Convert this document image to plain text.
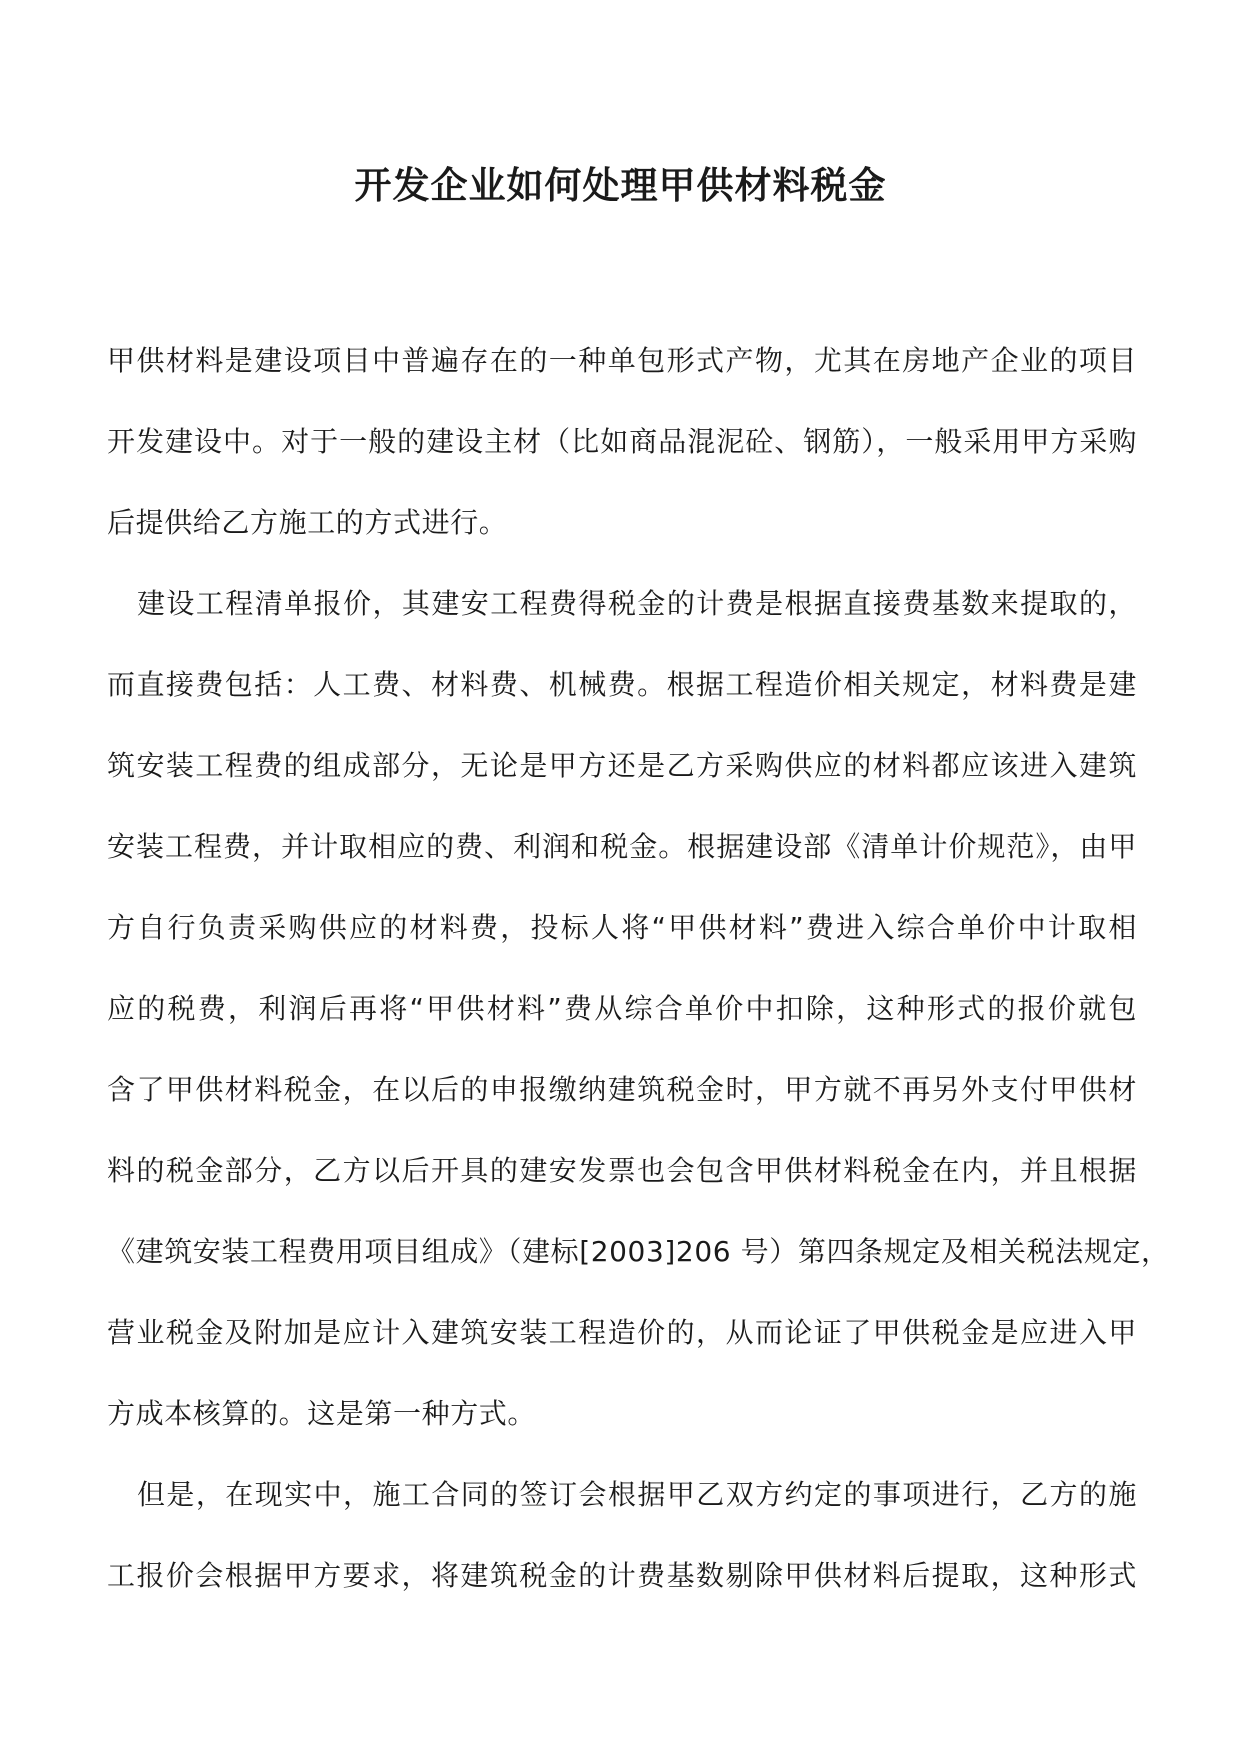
开发企业如何处理甲供材料税金
甲供材料是建设项目中普遍存在的一种单包形式产物，尤其在房地产企业的项目
开发建设中。对于一般的建设主材（比如商品混泥砼、钢筋），一般采用甲方采购
后提供给乙方施工的方式进行。
建设工程清单报价，其建安工程费得税金的计费是根据直接费基数来提取的，
而直接费包括：人工费、材料费、机械费。根据工程造价相关规定，材料费是建
筑安装工程费的组成部分，无论是甲方还是乙方采购供应的材料都应该进入建筑
安装工程费，并计取相应的费、利润和税金。根据建设部《清单计价规范》，由甲
方自行负责采购供应的材料费，投标人将“甲供材料”费进入综合单价中计取相
应的税费，利润后再将“甲供材料”费从综合单价中扣除，这种形式的报价就包
含了甲供材料税金，在以后的申报缴纳建筑税金时，甲方就不再另外支付甲供材
料的税金部分，乙方以后开具的建安发票也会包含甲供材料税金在内，并且根据
《建筑安装工程费用项目组成》（建标[2003]206 号）第四条规定及相关税法规定，
营业税金及附加是应计入建筑安装工程造价的，从而论证了甲供税金是应进入甲
方成本核算的。这是第一种方式。
但是，在现实中，施工合同的签订会根据甲乙双方约定的事项进行，乙方的施
工报价会根据甲方要求，将建筑税金的计费基数剔除甲供材料后提取，这种形式
